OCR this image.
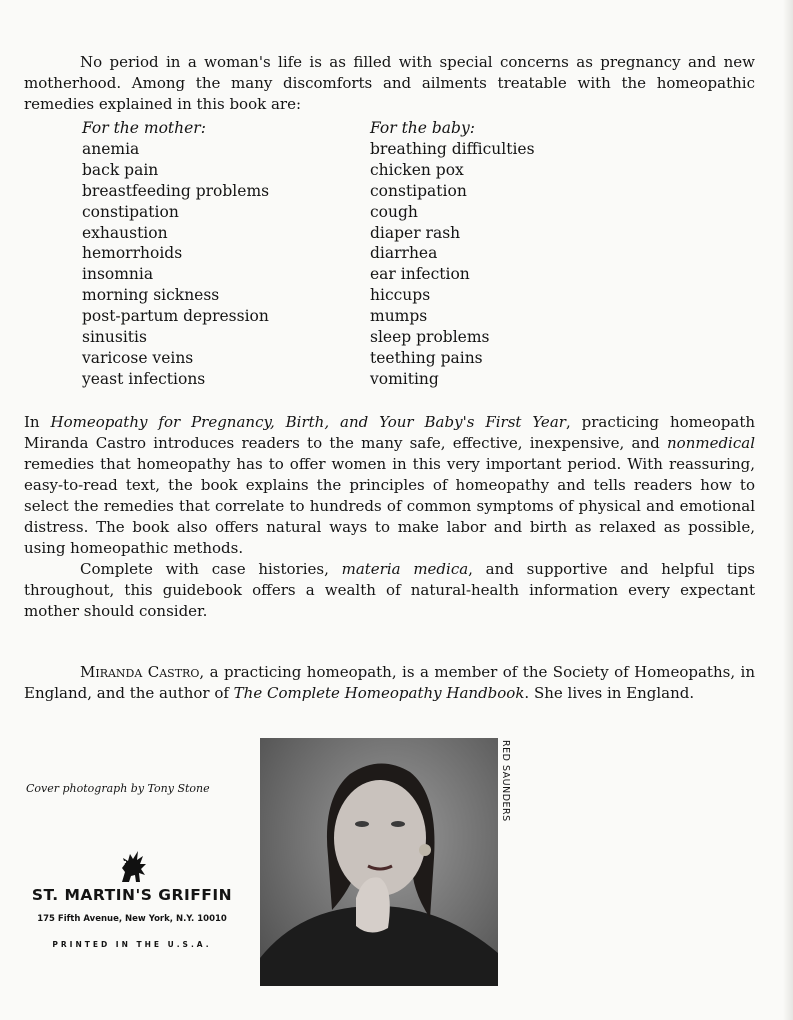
No period in a woman's life is as filled with special concerns as pregnancy and new motherhood. Among the many discomforts and ailments treatable with the homeopathic remedies explained in this book are:

For the mother:
anemia
back pain
breastfeeding problems
constipation
exhaustion
hemorrhoids
insomnia
morning sickness
post-partum depression
sinusitis
varicose veins
yeast infections
For the baby:
breathing difficulties
chicken pox
constipation
cough
diaper rash
diarrhea
ear infection
hiccups
mumps
sleep problems
teething pains
vomiting

In Homeopathy for Pregnancy, Birth, and Your Baby's First Year, practicing homeopath Miranda Castro introduces readers to the many safe, effective, inexpensive, and nonmedical remedies that homeopathy has to offer women in this very important period. With reassuring, easy-to-read text, the book explains the principles of homeopathy and tells readers how to select the remedies that correlate to hundreds of common symptoms of physical and emotional distress. The book also offers natural ways to make labor and birth as relaxed as possible, using homeopathic methods.

Complete with case histories, materia medica, and supportive and helpful tips throughout, this guidebook offers a wealth of natural-health information every expectant mother should consider.

Miranda Castro, a practicing homeopath, is a member of the Society of Homeopaths, in England, and the author of The Complete Homeopathy Handbook. She lives in England.

Cover photograph by Tony Stone
ST. MARTIN'S GRIFFIN
175 Fifth Avenue, New York, N.Y. 10010
PRINTED IN THE U.S.A.
RED SAUNDERS
